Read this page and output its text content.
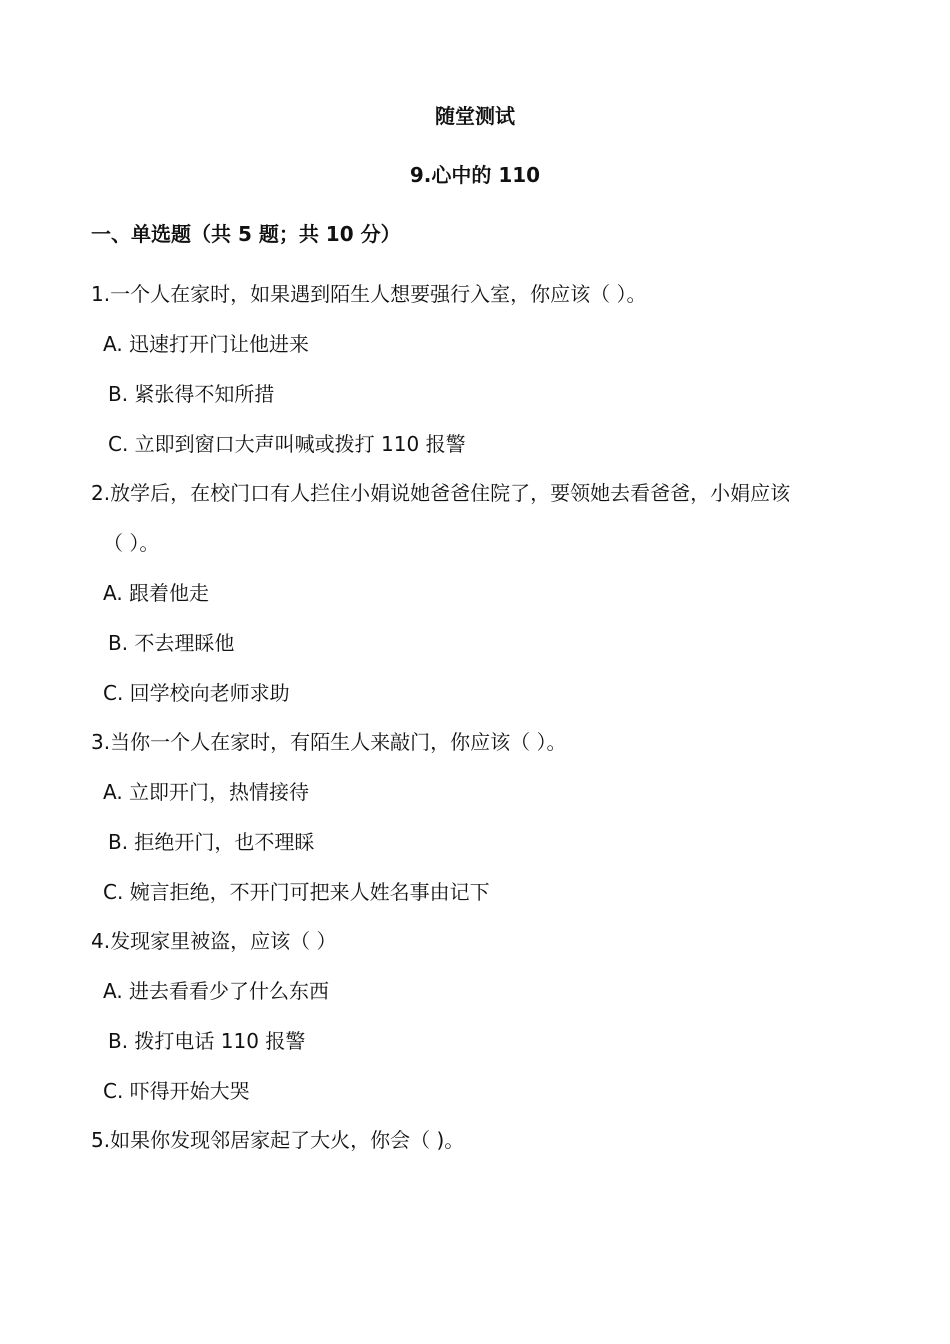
随堂测试
9.心中的 110
一、单选题（共 5 题；共 10 分）
1.一个人在家时，如果遇到陌生人想要强行入室，你应该（ ）。
A. 迅速打开门让他进来
B. 紧张得不知所措
C. 立即到窗口大声叫喊或拨打 110 报警
2.放学后，在校门口有人拦住小娟说她爸爸住院了，要领她去看爸爸，小娟应该
（ ）。
A. 跟着他走
B. 不去理睬他
C. 回学校向老师求助
3.当你一个人在家时，有陌生人来敲门，你应该（ ）。
A. 立即开门，热情接待
B. 拒绝开门，也不理睬
C. 婉言拒绝，不开门可把来人姓名事由记下
4.发现家里被盗，应该（ ）
A. 进去看看少了什么东西
B. 拨打电话 110 报警
C. 吓得开始大哭
5.如果你发现邻居家起了大火，你会（ )。
